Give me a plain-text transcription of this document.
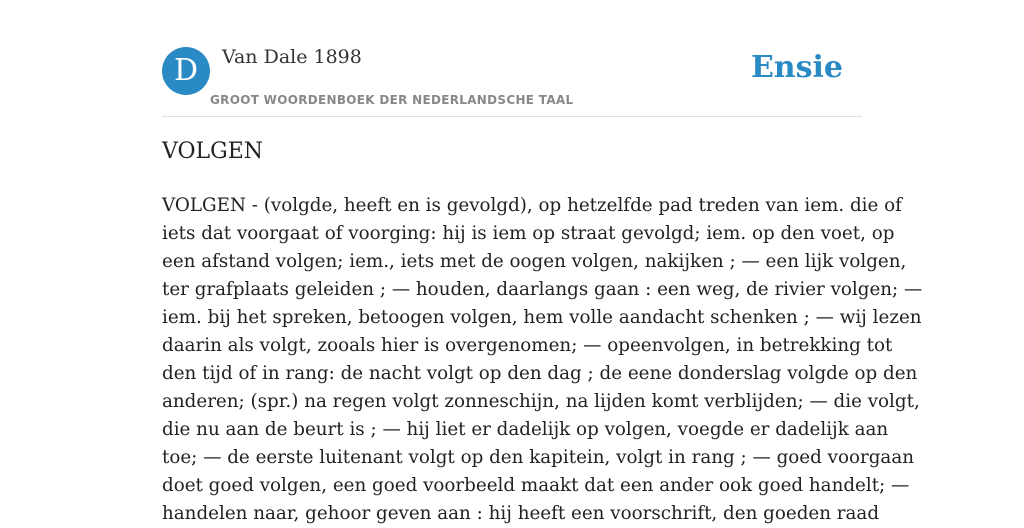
D	Van Dale 1898
GROOT WOORDENBOEK DER NEDERLANDSCHE TAAL
Ensie
VOLGEN

VOLGEN - (volgde, heeft en is gevolgd), op hetzelfde pad treden van iem. die of
iets dat voorgaat of voorging: hij is iem op straat gevolgd; iem. op den voet, op
een afstand volgen; iem., iets met de oogen volgen, nakijken ; — een lijk volgen,
ter grafplaats geleiden ; — houden, daarlangs gaan : een weg, de rivier volgen; —
iem. bij het spreken, betoogen volgen, hem volle aandacht schenken ; — wij lezen
daarin als volgt, zooals hier is overgenomen; — opeenvolgen, in betrekking tot
den tijd of in rang: de nacht volgt op den dag ; de eene donderslag volgde op den
anderen; (spr.) na regen volgt zonneschijn, na lijden komt verblijden; — die volgt,
die nu aan de beurt is ; — hij liet er dadelijk op volgen, voegde er dadelijk aan
toe; — de eerste luitenant volgt op den kapitein, volgt in rang ; — goed voorgaan
doet goed volgen, een goed voorbeeld maakt dat een ander ook goed handelt; —
handelen naar, gehoor geven aan : hij heeft een voorschrift, den goeden raad
